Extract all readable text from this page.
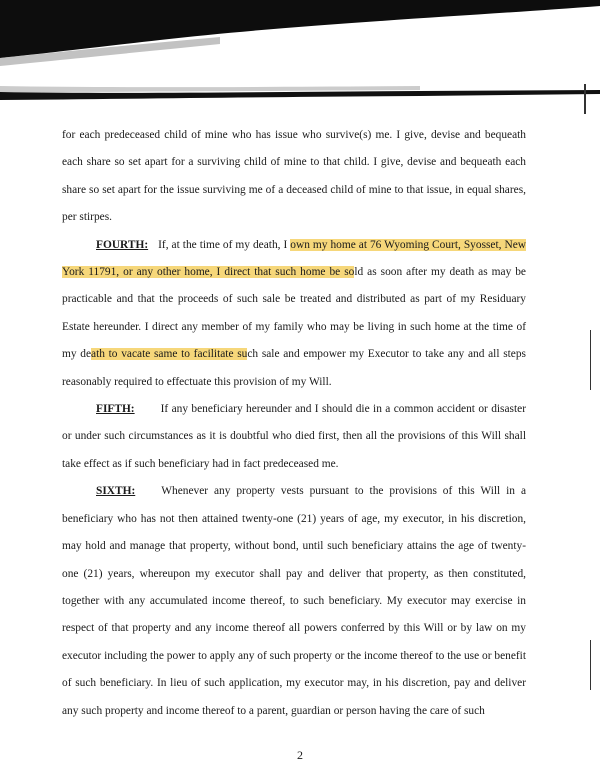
for each predeceased child of mine who has issue who survive(s) me. I give, devise and bequeath each share so set apart for a surviving child of mine to that child. I give, devise and bequeath each share so set apart for the issue surviving me of a deceased child of mine to that issue, in equal shares, per stirpes.

FOURTH: If, at the time of my death, I own my home at 76 Wyoming Court, Syosset, New York 11791, or any other home, I direct that such home be sold as soon after my death as may be practicable and that the proceeds of such sale be treated and distributed as part of my Residuary Estate hereunder. I direct any member of my family who may be living in such home at the time of my death to vacate same to facilitate such sale and empower my Executor to take any and all steps reasonably required to effectuate this provision of my Will.

FIFTH: If any beneficiary hereunder and I should die in a common accident or disaster or under such circumstances as it is doubtful who died first, then all the provisions of this Will shall take effect as if such beneficiary had in fact predeceased me.

SIXTH: Whenever any property vests pursuant to the provisions of this Will in a beneficiary who has not then attained twenty-one (21) years of age, my executor, in his discretion, may hold and manage that property, without bond, until such beneficiary attains the age of twenty-one (21) years, whereupon my executor shall pay and deliver that property, as then constituted, together with any accumulated income thereof, to such beneficiary. My executor may exercise in respect of that property and any income thereof all powers conferred by this Will or by law on my executor including the power to apply any of such property or the income thereof to the use or benefit of such beneficiary. In lieu of such application, my executor may, in his discretion, pay and deliver any such property and income thereof to a parent, guardian or person having the care of such

2
